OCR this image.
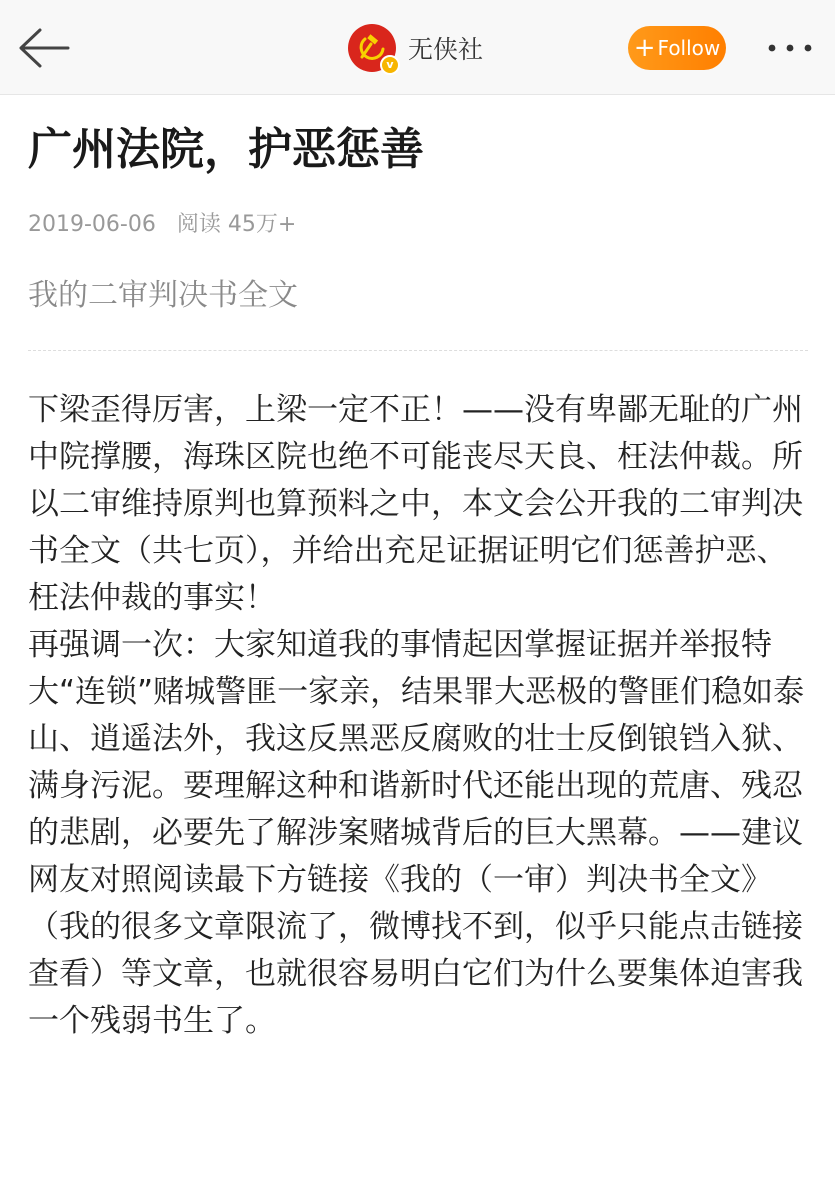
v
无侠社	+ Follow
广州法院，护恶惩善
2019-06-06 阅读 45万+
我的二审判决书全文

下梁歪得厉害，上梁一定不正！——没有卑鄙无耻的广州中院撑腰，海珠区院也绝不可能丧尽天良、枉法仲裁。所以二审维持原判也算预料之中，本文会公开我的二审判决书全文（共七页），并给出充足证据证明它们惩善护恶、枉法仲裁的事实！

再强调一次：大家知道我的事情起因掌握证据并举报特大“连锁”赌城警匪一家亲，结果罪大恶极的警匪们稳如泰山、逍遥法外，我这反黑恶反腐败的壮士反倒锒铛入狱、满身污泥。要理解这种和谐新时代还能出现的荒唐、残忍的悲剧，必要先了解涉案赌城背后的巨大黑幕。——建议网友对照阅读最下方链接《我的（一审）判决书全文》（我的很多文章限流了，微博找不到，似乎只能点击链接查看）等文章，也就很容易明白它们为什么要集体迫害我一个残弱书生了。
